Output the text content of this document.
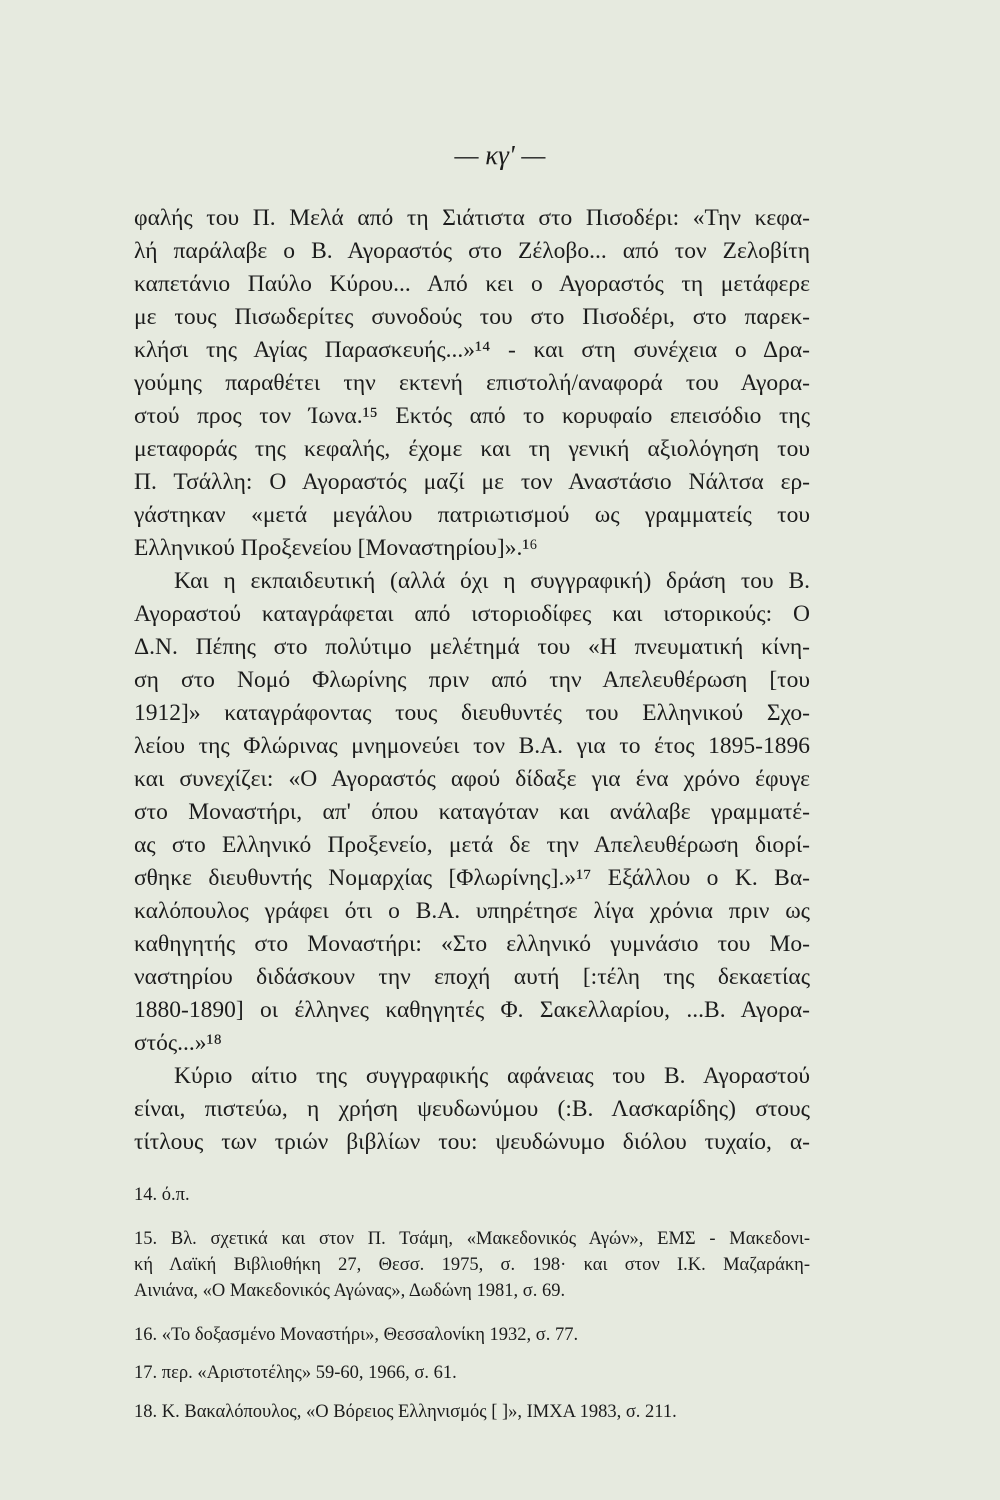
— κγ' —
φαλής του Π. Μελά από τη Σιάτιστα στο Πισοδέρι: «Την κεφα-
λή παράλαβε ο Β. Αγοραστός στο Ζέλοβο... από τον Ζελοβίτη
καπετάνιο Παύλο Κύρου... Από κει ο Αγοραστός τη μετάφερε
με τους Πισωδερίτες συνοδούς του στο Πισοδέρι, στο παρεκ-
κλήσι της Αγίας Παρασκευής...»¹⁴ - και στη συνέχεια ο Δρα-
γούμης παραθέτει την εκτενή επιστολή/αναφορά του Αγορα-
στού προς τον Ίωνα.¹⁵ Εκτός από το κορυφαίο επεισόδιο της
μεταφοράς της κεφαλής, έχομε και τη γενική αξιολόγηση του
Π. Τσάλλη: Ο Αγοραστός μαζί με τον Αναστάσιο Νάλτσα ερ-
γάστηκαν «μετά μεγάλου πατριωτισμού ως γραμματείς του
Ελληνικού Προξενείου [Μοναστηρίου]».¹⁶
Και η εκπαιδευτική (αλλά όχι η συγγραφική) δράση του Β.
Αγοραστού καταγράφεται από ιστοριοδίφες και ιστορικούς: Ο
Δ.Ν. Πέπης στο πολύτιμο μελέτημά του «Η πνευματική κίνη-
ση στο Νομό Φλωρίνης πριν από την Απελευθέρωση [του
1912]» καταγράφοντας τους διευθυντές του Ελληνικού Σχο-
λείου της Φλώρινας μνημονεύει τον Β.Α. για το έτος 1895-1896
και συνεχίζει: «Ο Αγοραστός αφού δίδαξε για ένα χρόνο έφυγε
στο Μοναστήρι, απ' όπου καταγόταν και ανάλαβε γραμματέ-
ας στο Ελληνικό Προξενείο, μετά δε την Απελευθέρωση διορί-
σθηκε διευθυντής Νομαρχίας [Φλωρίνης].»¹⁷ Εξάλλου ο Κ. Βα-
καλόπουλος γράφει ότι ο Β.Α. υπηρέτησε λίγα χρόνια πριν ως
καθηγητής στο Μοναστήρι: «Στο ελληνικό γυμνάσιο του Μο-
ναστηρίου διδάσκουν την εποχή αυτή [:τέλη της δεκαετίας
1880-1890] οι έλληνες καθηγητές Φ. Σακελλαρίου, ...Β. Αγορα-
στός...»¹⁸
Κύριο αίτιο της συγγραφικής αφάνειας του Β. Αγοραστού
είναι, πιστεύω, η χρήση ψευδωνύμου (:Β. Λασκαρίδης) στους
τίτλους των τριών βιβλίων του: ψευδώνυμο διόλου τυχαίο, α-
14. ό.π.
15. Βλ. σχετικά και στον Π. Τσάμη, «Μακεδονικός Αγών», ΕΜΣ - Μακεδονι-
κή Λαϊκή Βιβλιοθήκη 27, Θεσσ. 1975, σ. 198· και στον Ι.Κ. Μαζαράκη-
Αινιάνα, «Ο Μακεδονικός Αγώνας», Δωδώνη 1981, σ. 69.
16. «Το δοξασμένο Μοναστήρι», Θεσσαλονίκη 1932, σ. 77.
17. περ. «Αριστοτέλης» 59-60, 1966, σ. 61.
18. Κ. Βακαλόπουλος, «Ο Βόρειος Ελληνισμός [ ]», ΙΜΧΑ 1983, σ. 211.
